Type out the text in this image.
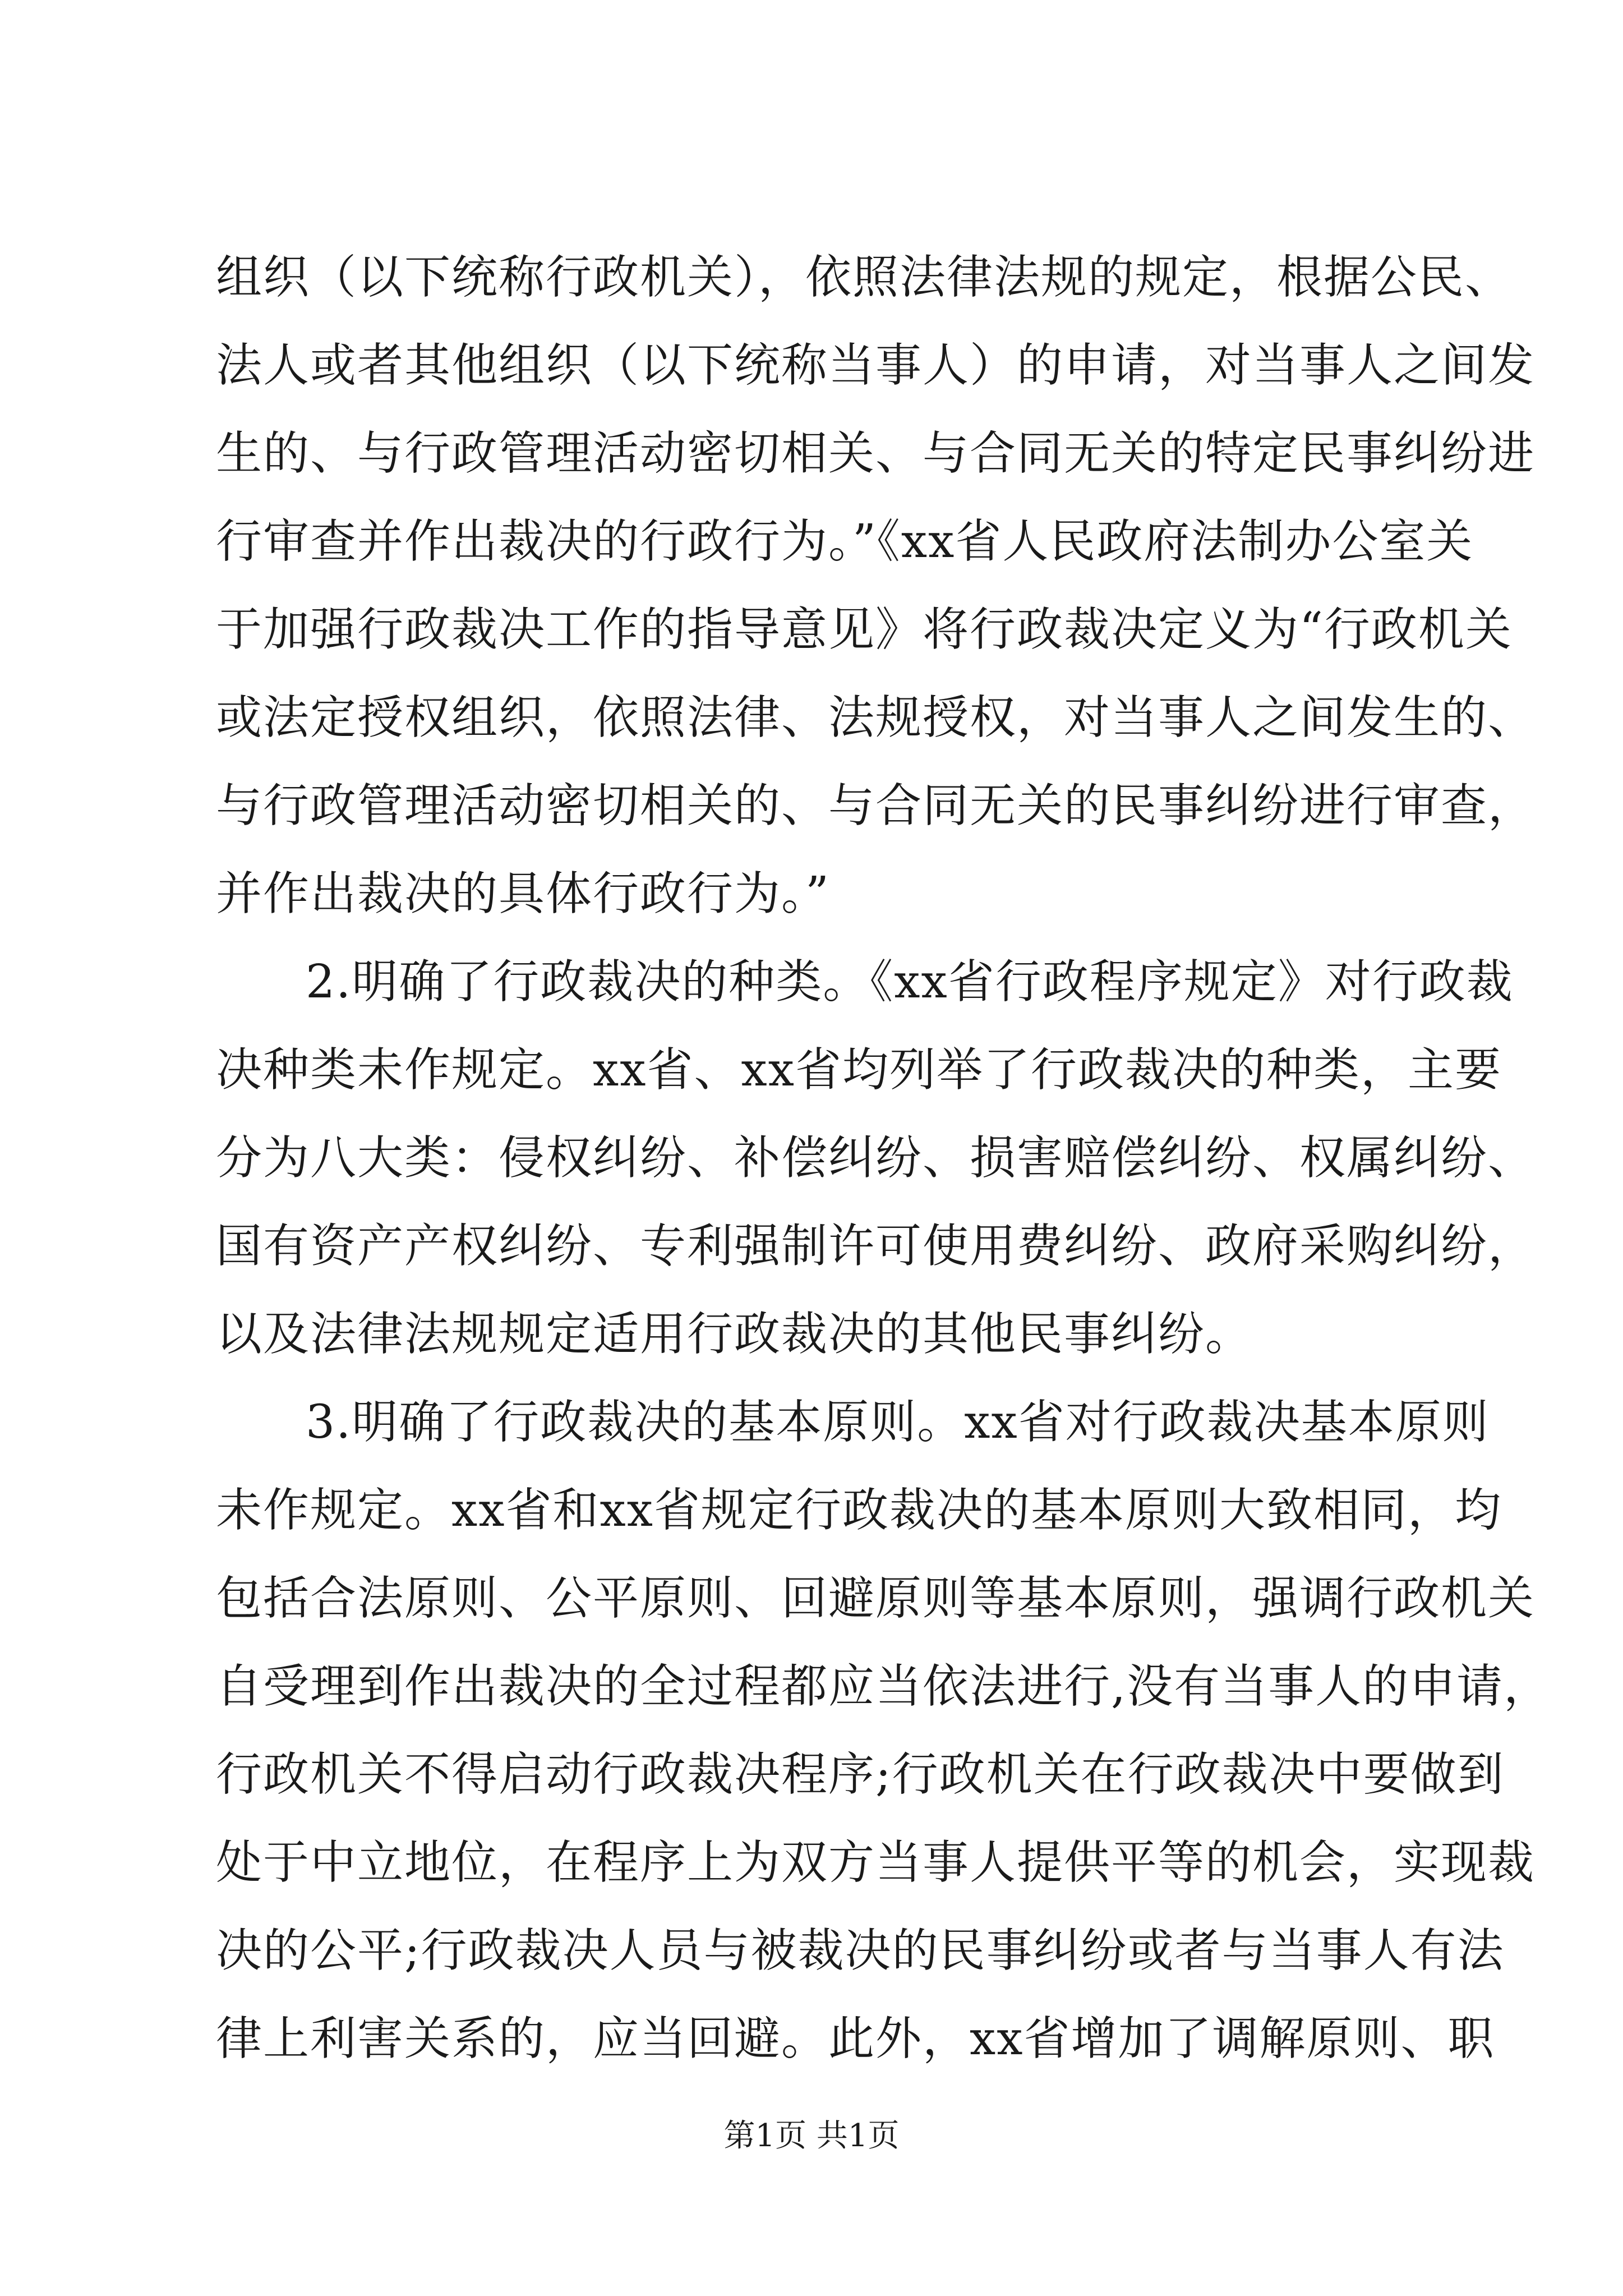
组织（以下统称行政机关），依照法律法规的规定，根据公民、
法人或者其他组织（以下统称当事人）的申请，对当事人之间发
生的、与行政管理活动密切相关、与合同无关的特定民事纠纷进
行审查并作出裁决的行政行为。”《xx省人民政府法制办公室关
于加强行政裁决工作的指导意见》将行政裁决定义为“行政机关
或法定授权组织，依照法律、法规授权，对当事人之间发生的、
与行政管理活动密切相关的、与合同无关的民事纠纷进行审查，
并作出裁决的具体行政行为。”
2.明确了行政裁决的种类。《xx省行政程序规定》对行政裁
决种类未作规定。xx省、xx省均列举了行政裁决的种类，主要
分为八大类：侵权纠纷、补偿纠纷、损害赔偿纠纷、权属纠纷、
国有资产产权纠纷、专利强制许可使用费纠纷、政府采购纠纷，
以及法律法规规定适用行政裁决的其他民事纠纷。
3.明确了行政裁决的基本原则。xx省对行政裁决基本原则
未作规定。xx省和xx省规定行政裁决的基本原则大致相同，均
包括合法原则、公平原则、回避原则等基本原则，强调行政机关
自受理到作出裁决的全过程都应当依法进行,没有当事人的申请，
行政机关不得启动行政裁决程序;行政机关在行政裁决中要做到
处于中立地位，在程序上为双方当事人提供平等的机会，实现裁
决的公平;行政裁决人员与被裁决的民事纠纷或者与当事人有法
律上利害关系的，应当回避。此外，xx省增加了调解原则、职
第1页 共1页
